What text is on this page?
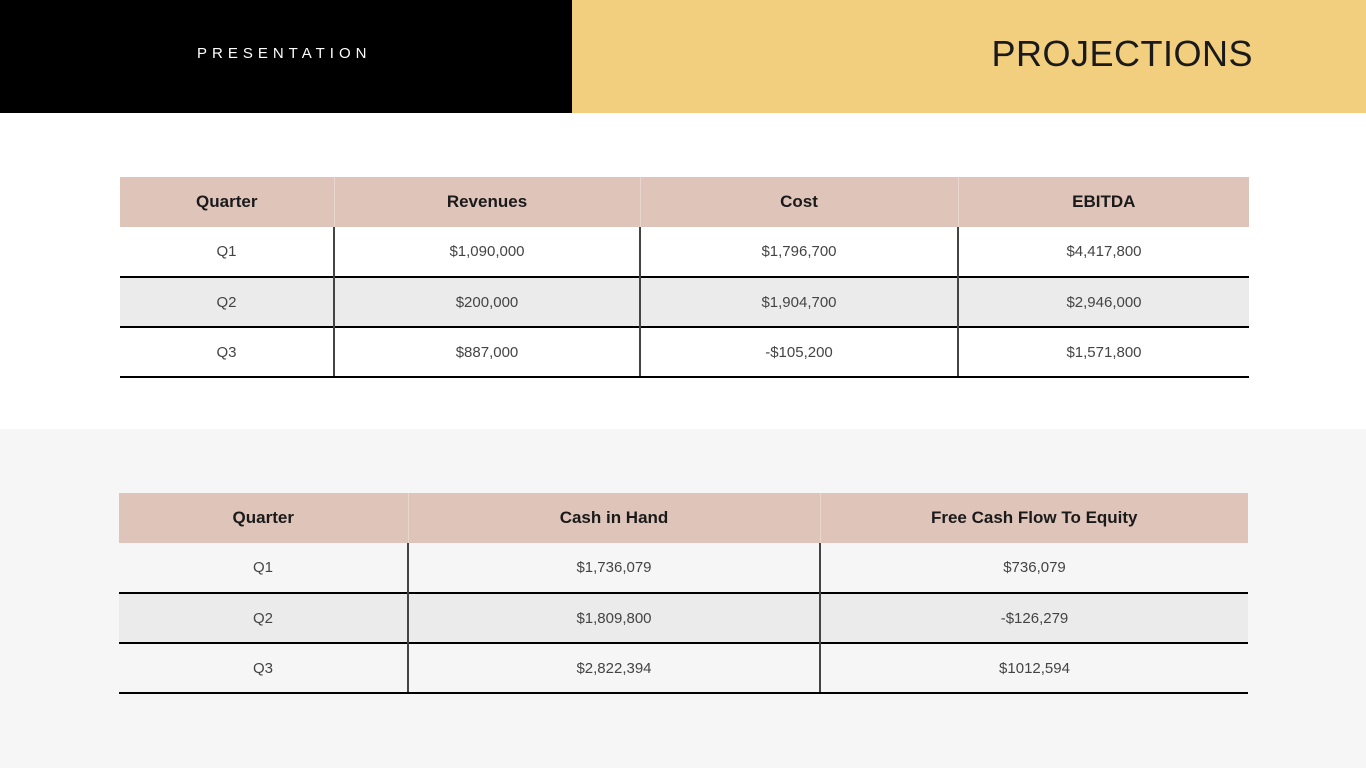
PRESENTATION	PROJECTIONS
Quarter	Revenues	Cost	EBITDA
Q1	$1,090,000	$1,796,700	$4,417,800
Q2	$200,000	$1,904,700	$2,946,000
Q3	$887,000	-$105,200	$1,571,800
Quarter	Cash in Hand	Free Cash Flow To Equity
Q1	$1,736,079	$736,079
Q2	$1,809,800	-$126,279
Q3	$2,822,394	$1012,594
